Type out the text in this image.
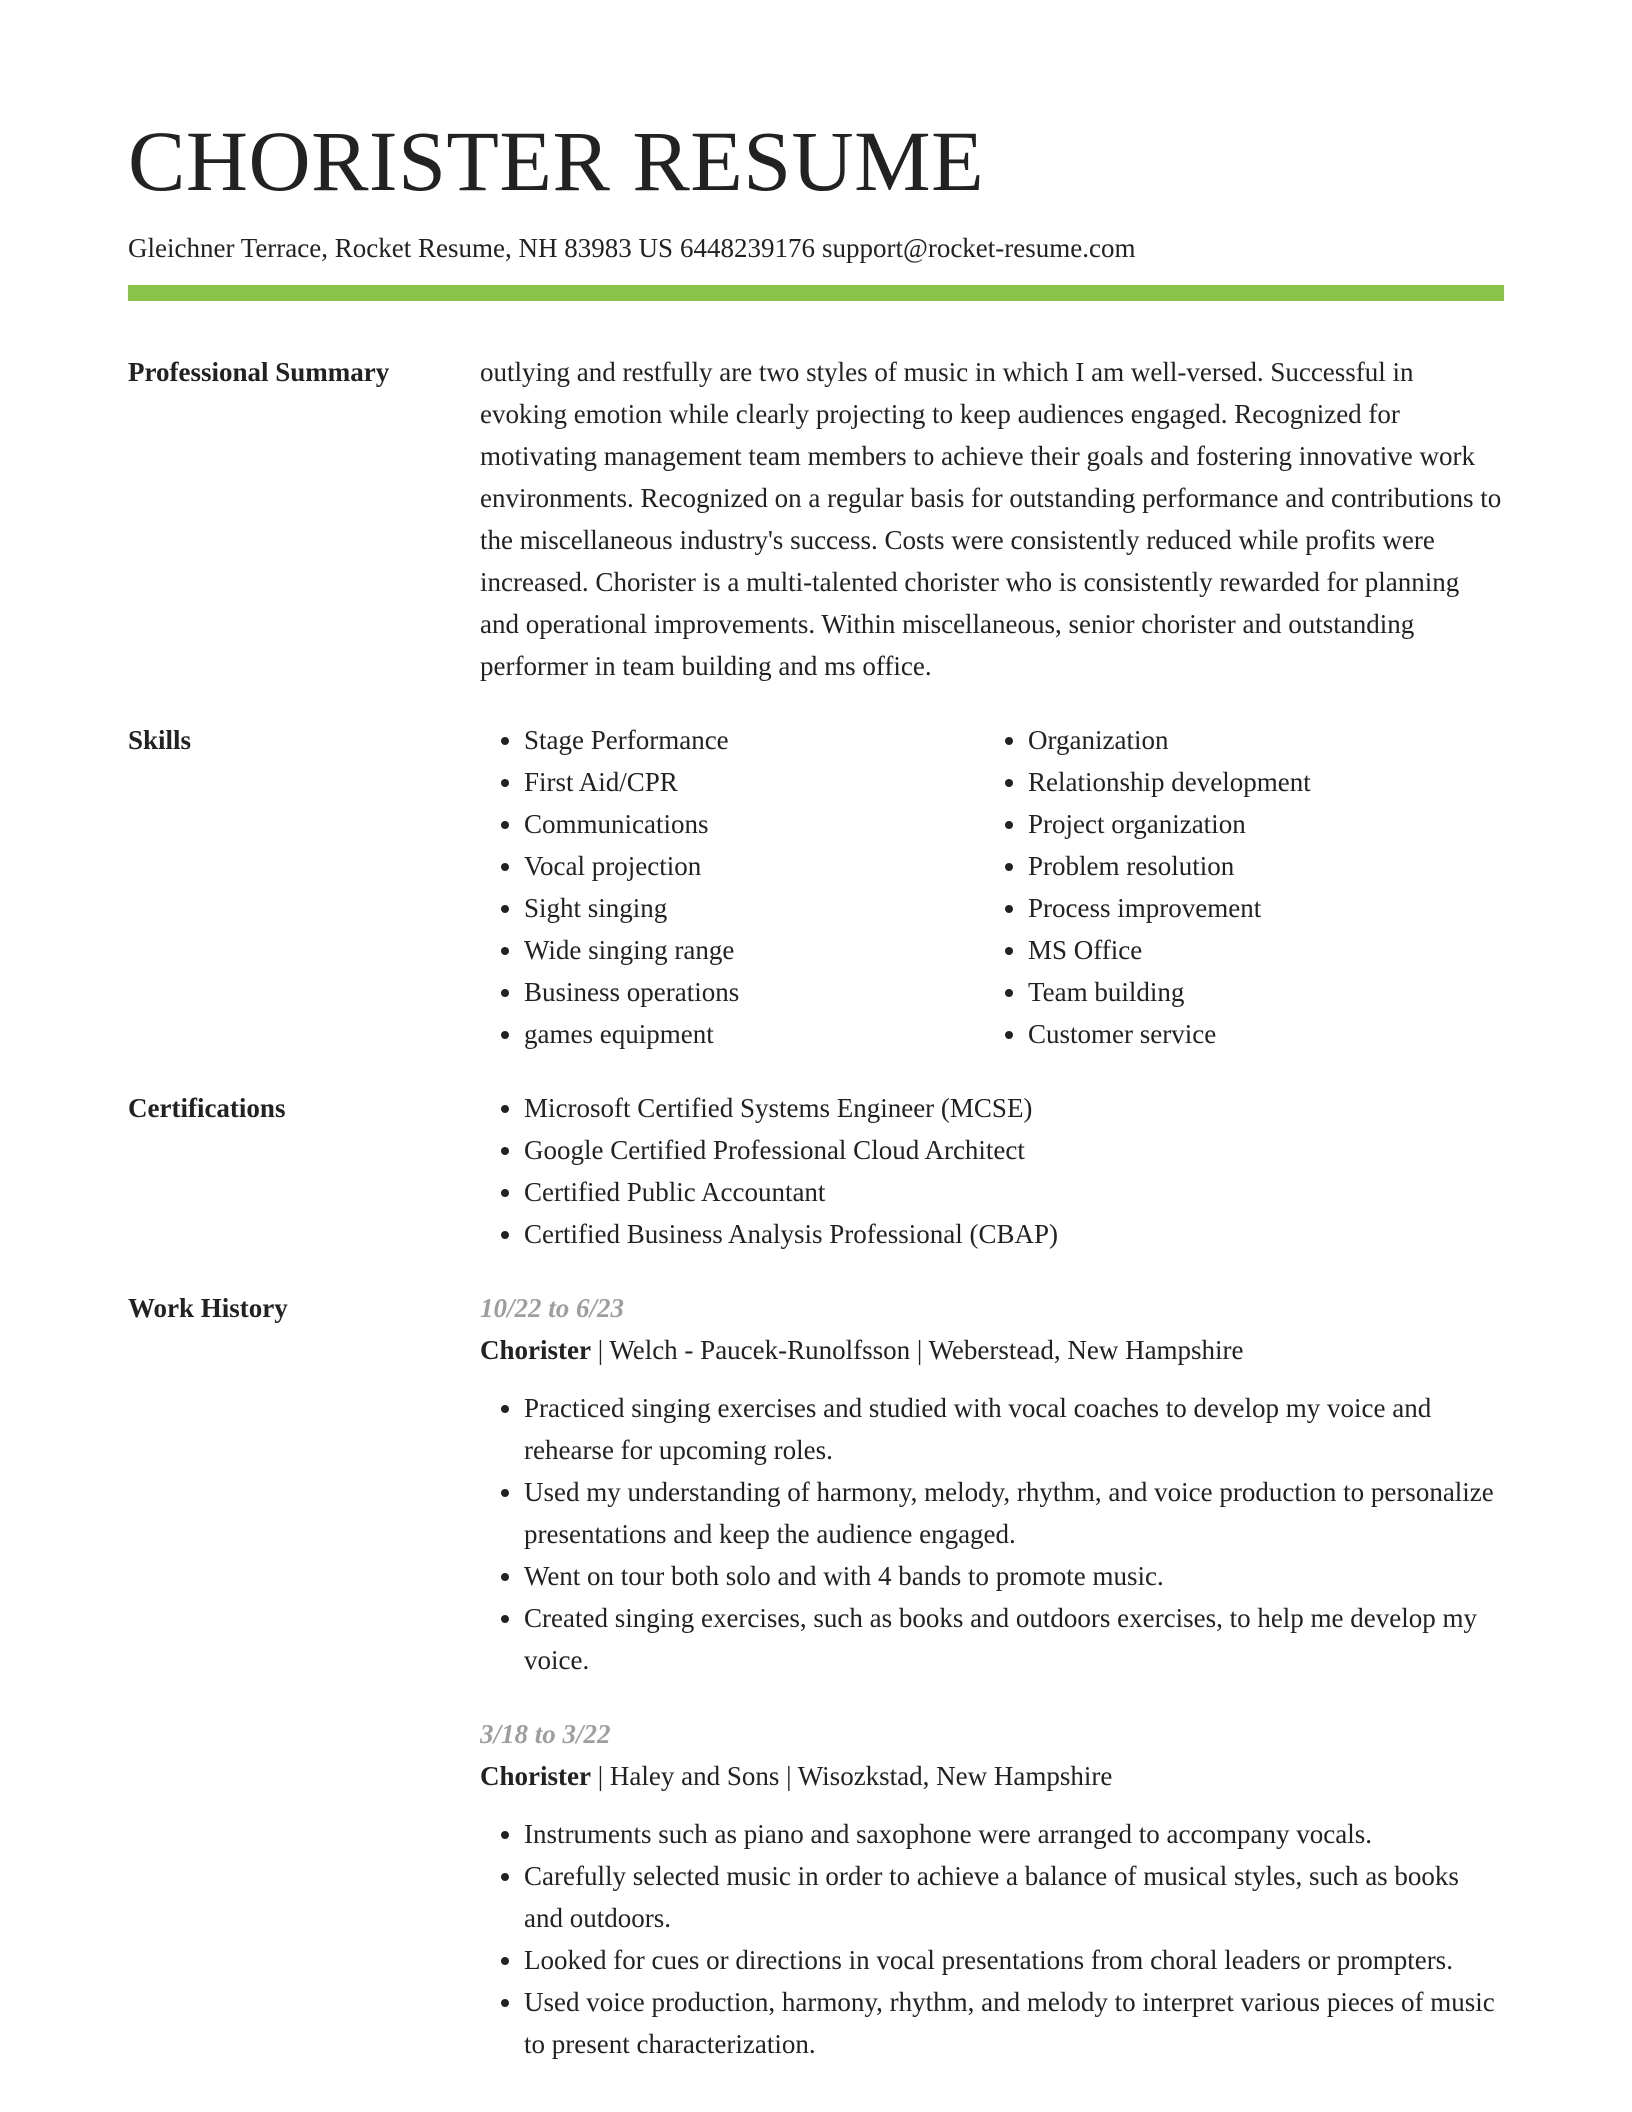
CHORISTER RESUME
Gleichner Terrace, Rocket Resume, NH 83983 US 6448239176 support@rocket-resume.com
Professional Summary	outlying and restfully are two styles of music in which I am well-versed. Successful in evoking emotion while clearly projecting to keep audiences engaged. Recognized for motivating management team members to achieve their goals and fostering innovative work environments. Recognized on a regular basis for outstanding performance and contributions to the miscellaneous industry's success. Costs were consistently reduced while profits were increased. Chorister is a multi-talented chorister who is consistently rewarded for planning and operational improvements. Within miscellaneous, senior chorister and outstanding performer in team building and ms office.

Skills	• Stage Performance
• First Aid/CPR
• Communications
• Vocal projection
• Sight singing
• Wide singing range
• Business operations
• games equipment
• Organization
• Relationship development
• Project organization
• Problem resolution
• Process improvement
• MS Office
• Team building
• Customer service
Certifications	• Microsoft Certified Systems Engineer (MCSE)
• Google Certified Professional Cloud Architect
• Certified Public Accountant
• Certified Business Analysis Professional (CBAP)
Work History	10/22 to 6/23
Chorister | Welch - Paucek-Runolfsson | Weberstead, New Hampshire
• Practiced singing exercises and studied with vocal coaches to develop my voice and rehearse for upcoming roles.
• Used my understanding of harmony, melody, rhythm, and voice production to personalize presentations and keep the audience engaged.
• Went on tour both solo and with 4 bands to promote music.
• Created singing exercises, such as books and outdoors exercises, to help me develop my voice.
3/18 to 3/22
Chorister | Haley and Sons | Wisozkstad, New Hampshire
• Instruments such as piano and saxophone were arranged to accompany vocals.
• Carefully selected music in order to achieve a balance of musical styles, such as books and outdoors.
• Looked for cues or directions in vocal presentations from choral leaders or prompters.
• Used voice production, harmony, rhythm, and melody to interpret various pieces of music to present characterization.
